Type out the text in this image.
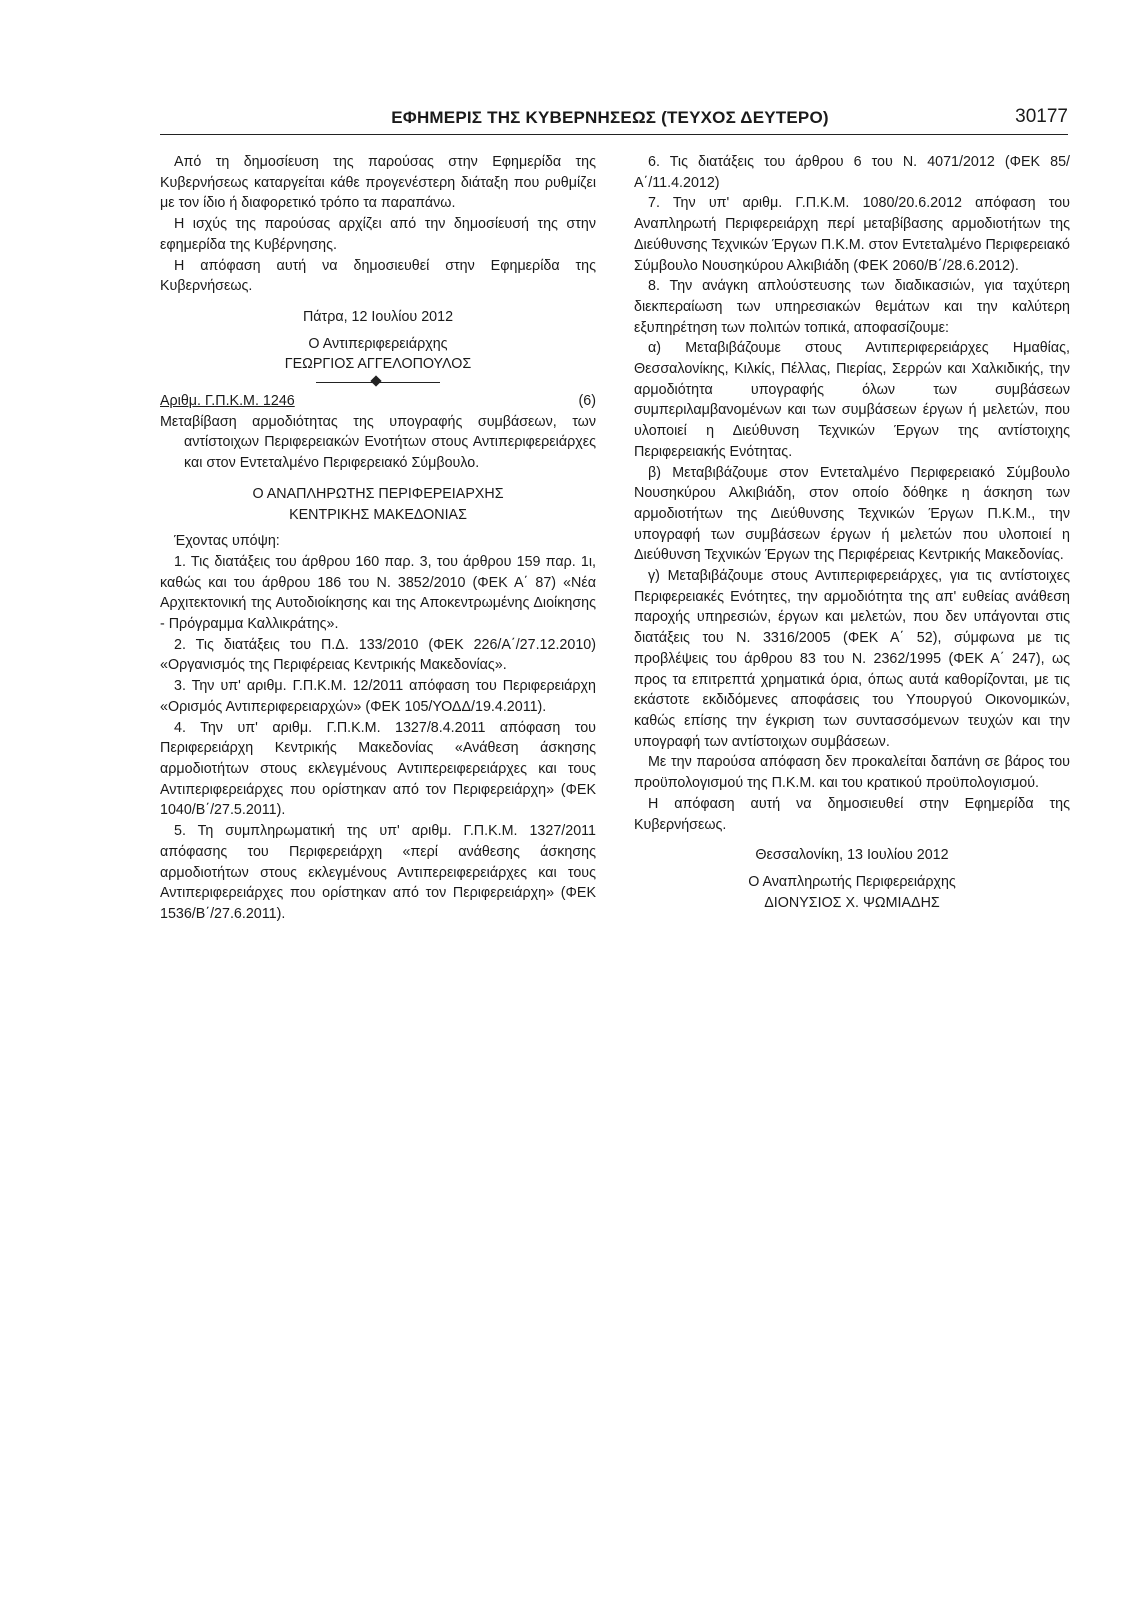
ΕΦΗΜΕΡΙΣ ΤΗΣ ΚΥΒΕΡΝΗΣΕΩΣ (ΤΕΥΧΟΣ ΔΕΥΤΕΡΟ)	30177

Από τη δημοσίευση της παρούσας στην Εφημερίδα της Κυβερνήσεως καταργείται κάθε προγενέστερη διάταξη που ρυθμίζει με τον ίδιο ή διαφορετικό τρόπο τα παραπάνω.

Η ισχύς της παρούσας αρχίζει από την δημοσίευσή της στην εφημερίδα της Κυβέρνησης.

Η απόφαση αυτή να δημοσιευθεί στην Εφημερίδα της Κυβερνήσεως.

Πάτρα, 12 Ιουλίου 2012

Ο Αντιπεριφερειάρχης

ΓΕΩΡΓΙΟΣ ΑΓΓΕΛΟΠΟΥΛΟΣ

Αριθμ. Γ.Π.Κ.Μ. 1246	(6)

Μεταβίβαση αρμοδιότητας της υπογραφής συμβάσεων, των αντίστοιχων Περιφερειακών Ενοτήτων στους Αντιπεριφερειάρχες και στον Εντεταλμένο Περιφερειακό Σύμβουλο.

Ο ΑΝΑΠΛΗΡΩΤΗΣ ΠΕΡΙΦΕΡΕΙΑΡΧΗΣ

ΚΕΝΤΡΙΚΗΣ ΜΑΚΕΔΟΝΙΑΣ

Έχοντας υπόψη:

1. Τις διατάξεις του άρθρου 160 παρ. 3, του άρθρου 159 παρ. 1ι, καθώς και του άρθρου 186 του Ν. 3852/2010 (ΦΕΚ Α΄ 87) «Νέα Αρχιτεκτονική της Αυτοδιοίκησης και της Αποκεντρωμένης Διοίκησης - Πρόγραμμα Καλλικράτης».

2. Τις διατάξεις του Π.Δ. 133/2010 (ΦΕΚ 226/Α΄/27.12.2010) «Οργανισμός της Περιφέρειας Κεντρικής Μακεδονίας».

3. Την υπ' αριθμ. Γ.Π.Κ.Μ. 12/2011 απόφαση του Περιφερειάρχη «Ορισμός Αντιπεριφερειαρχών» (ΦΕΚ 105/ΥΟΔΔ/19.4.2011).

4. Την υπ' αριθμ. Γ.Π.Κ.Μ. 1327/8.4.2011 απόφαση του Περιφερειάρχη Κεντρικής Μακεδονίας «Ανάθεση άσκησης αρμοδιοτήτων στους εκλεγμένους Αντιπερειφερειάρχες και τους Αντιπεριφερειάρχες που ορίστηκαν από τον Περιφερειάρχη» (ΦΕΚ 1040/Β΄/27.5.2011).

5. Τη συμπληρωματική της υπ' αριθμ. Γ.Π.Κ.Μ. 1327/2011 απόφασης του Περιφερειάρχη «περί ανάθεσης άσκησης αρμοδιοτήτων στους εκλεγμένους Αντιπερειφερειάρχες και τους Αντιπεριφερειάρχες που ορίστηκαν από τον Περιφερειάρχη» (ΦΕΚ 1536/Β΄/27.6.2011).

6. Τις διατάξεις του άρθρου 6 του Ν. 4071/2012 (ΦΕΚ 85/Α΄/11.4.2012)

7. Την υπ' αριθμ. Γ.Π.Κ.Μ. 1080/20.6.2012 απόφαση του Αναπληρωτή Περιφερειάρχη περί μεταβίβασης αρμοδιοτήτων της Διεύθυνσης Τεχνικών Έργων Π.Κ.Μ. στον Εντεταλμένο Περιφερειακό Σύμβουλο Νουσηκύρου Αλκιβιάδη (ΦΕΚ 2060/Β΄/28.6.2012).

8. Την ανάγκη απλούστευσης των διαδικασιών, για ταχύτερη διεκπεραίωση των υπηρεσιακών θεμάτων και την καλύτερη εξυπηρέτηση των πολιτών τοπικά, αποφασίζουμε:

α) Μεταβιβάζουμε στους Αντιπεριφερειάρχες Ημαθίας, Θεσσαλονίκης, Κιλκίς, Πέλλας, Πιερίας, Σερρών και Χαλκιδικής, την αρμοδιότητα υπογραφής όλων των συμβάσεων συμπεριλαμβανομένων και των συμβάσεων έργων ή μελετών, που υλοποιεί η Διεύθυνση Τεχνικών Έργων της αντίστοιχης Περιφερειακής Ενότητας.

β) Μεταβιβάζουμε στον Εντεταλμένο Περιφερειακό Σύμβουλο Νουσηκύρου Αλκιβιάδη, στον οποίο δόθηκε η άσκηση των αρμοδιοτήτων της Διεύθυνσης Τεχνικών Έργων Π.Κ.Μ., την υπογραφή των συμβάσεων έργων ή μελετών που υλοποιεί η Διεύθυνση Τεχνικών Έργων της Περιφέρειας Κεντρικής Μακεδονίας.

γ) Μεταβιβάζουμε στους Αντιπεριφερειάρχες, για τις αντίστοιχες Περιφερειακές Ενότητες, την αρμοδιότητα της απ' ευθείας ανάθεση παροχής υπηρεσιών, έργων και μελετών, που δεν υπάγονται στις διατάξεις του Ν. 3316/2005 (ΦΕΚ Α΄ 52), σύμφωνα με τις προβλέψεις του άρθρου 83 του Ν. 2362/1995 (ΦΕΚ Α΄ 247), ως προς τα επιτρεπτά χρηματικά όρια, όπως αυτά καθορίζονται, με τις εκάστοτε εκδιδόμενες αποφάσεις του Υπουργού Οικονομικών, καθώς επίσης την έγκριση των συντασσόμενων τευχών και την υπογραφή των αντίστοιχων συμβάσεων.

Με την παρούσα απόφαση δεν προκαλείται δαπάνη σε βάρος του προϋπολογισμού της Π.Κ.Μ. και του κρατικού προϋπολογισμού.

Η απόφαση αυτή να δημοσιευθεί στην Εφημερίδα της Κυβερνήσεως.

Θεσσαλονίκη, 13 Ιουλίου 2012

Ο Αναπληρωτής Περιφερειάρχης

ΔΙΟΝΥΣΙΟΣ Χ. ΨΩΜΙΑΔΗΣ
